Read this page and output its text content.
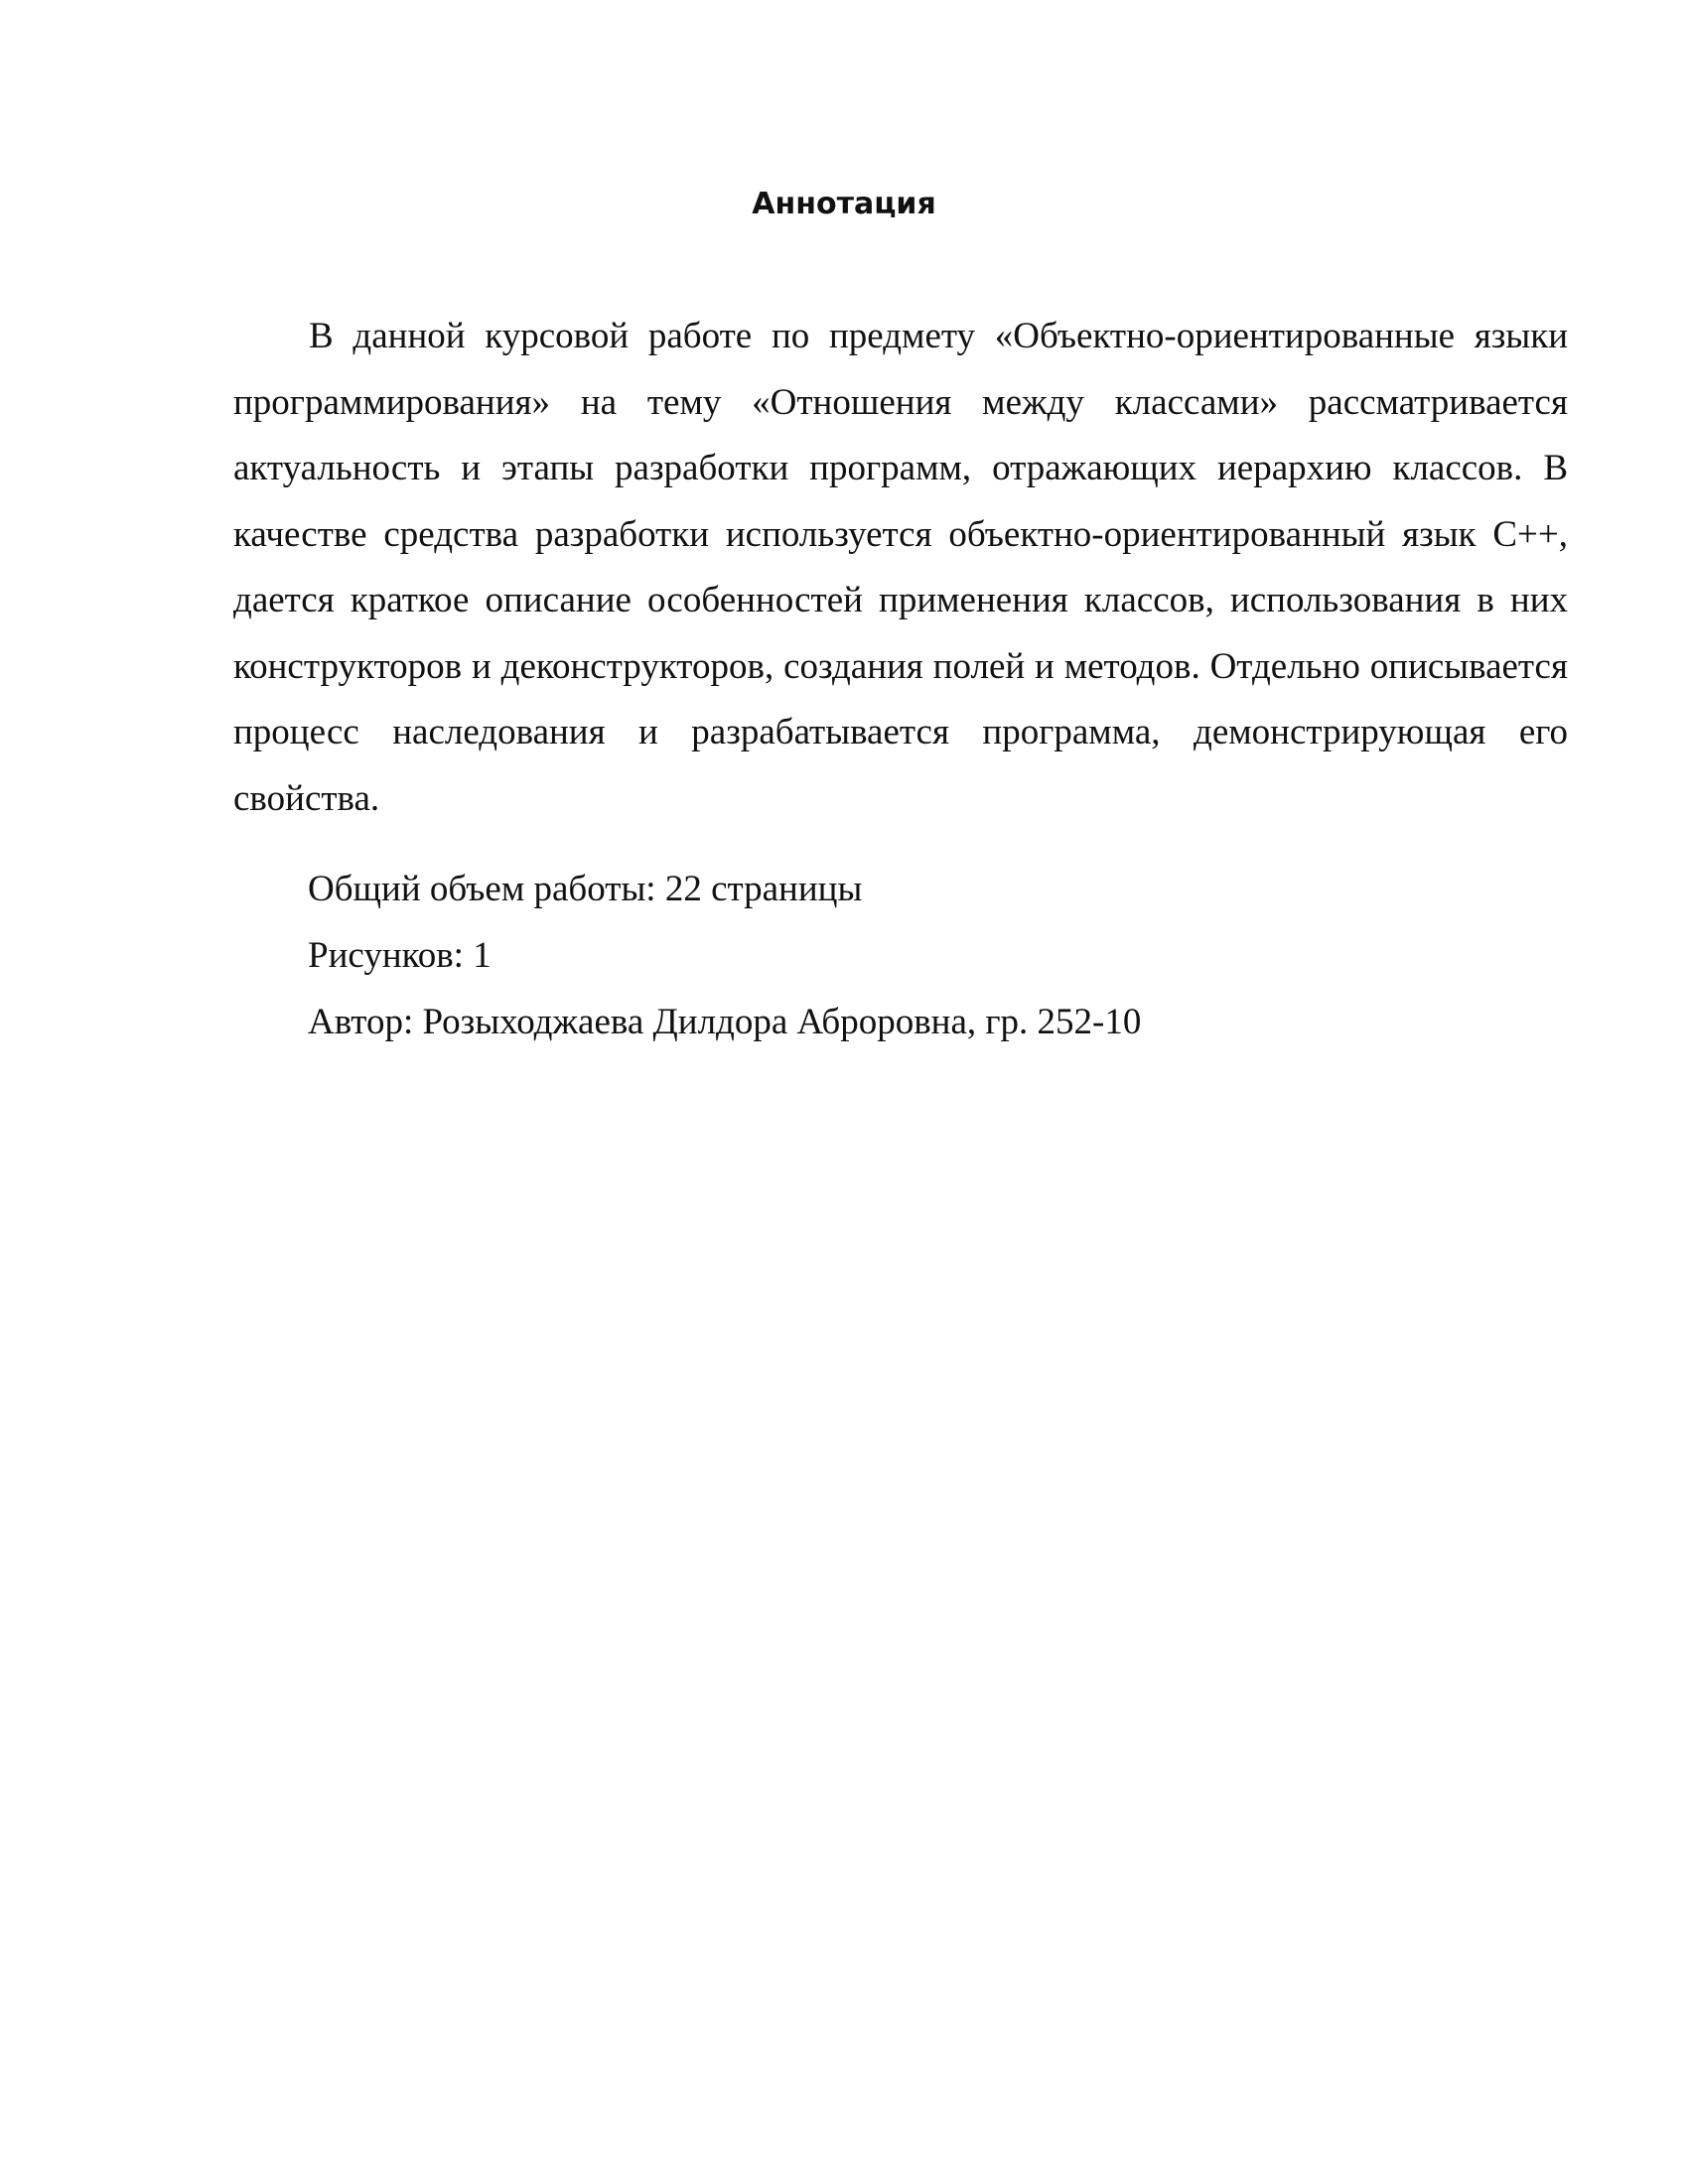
Аннотация

В данной курсовой работе по предмету «Объектно-ориентированные языки программирования» на тему «Отношения между классами» рассматривается актуальность и этапы разработки программ, отражающих иерархию классов. В качестве средства разработки используется объектно-ориентированный язык С++, дается краткое описание особенностей применения классов, использования в них конструкторов и деконструкторов, создания полей и методов. Отдельно описывается процесс наследования и разрабатывается программа, демонстрирующая его свойства.

Общий объем работы: 22 страницы

Рисунков: 1

Автор: Розыходжаева Дилдора Аброровна, гр. 252-10
